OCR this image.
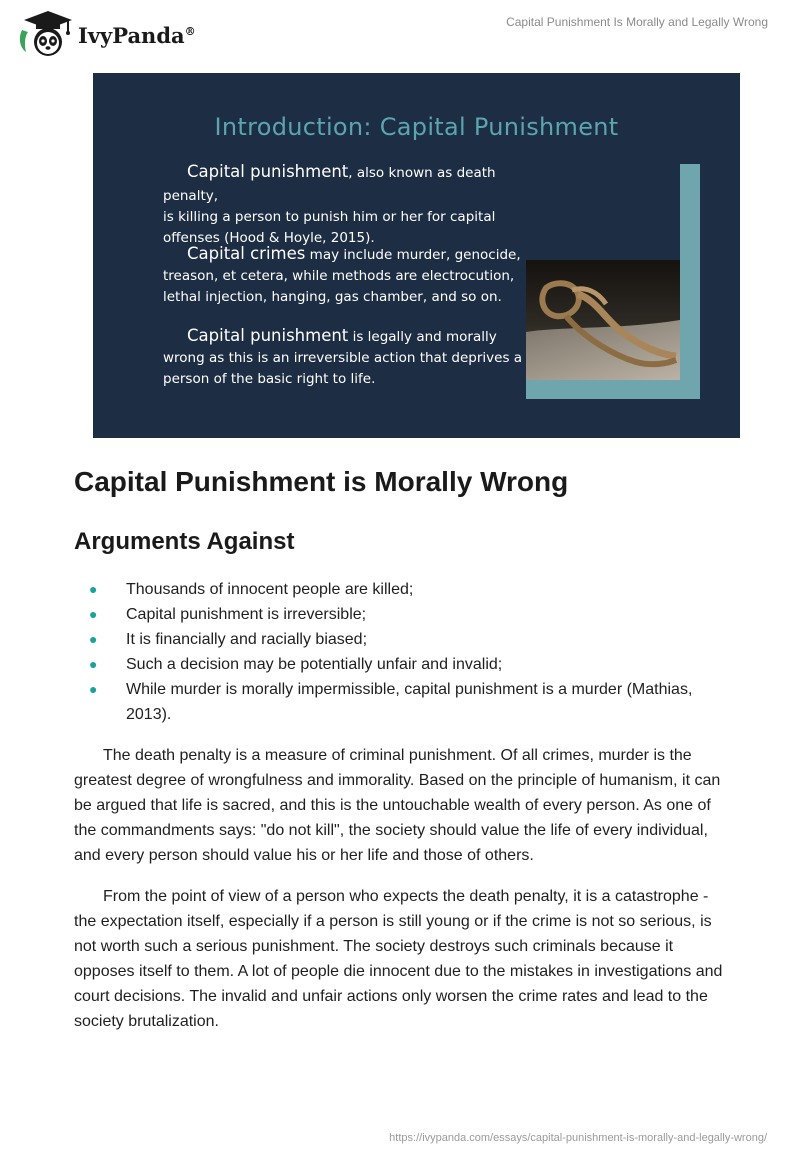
IvyPanda®
Capital Punishment Is Morally and Legally Wrong
Introduction: Capital Punishment
Capital punishment, also known as death penalty,
is killing a person to punish him or her for capital offenses (Hood & Hoyle, 2015).
Capital crimes may include murder, genocide,
treason, et cetera, while methods are electrocution, lethal injection, hanging, gas chamber, and so on.
Capital punishment is legally and morally
wrong as this is an irreversible action that deprives a person of the basic right to life.
Capital Punishment is Morally Wrong
Arguments Against
● Thousands of innocent people are killed;
● Capital punishment is irreversible;
● It is financially and racially biased;
● Such a decision may be potentially unfair and invalid;
● While murder is morally impermissible, capital punishment is a murder (Mathias, 2013).

The death penalty is a measure of criminal punishment. Of all crimes, murder is the greatest degree of wrongfulness and immorality. Based on the principle of humanism, it can be argued that life is sacred, and this is the untouchable wealth of every person. As one of the commandments says: "do not kill", the society should value the life of every individual, and every person should value his or her life and those of others.

From the point of view of a person who expects the death penalty, it is a catastrophe - the expectation itself, especially if a person is still young or if the crime is not so serious, is not worth such a serious punishment. The society destroys such criminals because it opposes itself to them. A lot of people die innocent due to the mistakes in investigations and court decisions. The invalid and unfair actions only worsen the crime rates and lead to the society brutalization.

https://ivypanda.com/essays/capital-punishment-is-morally-and-legally-wrong/
